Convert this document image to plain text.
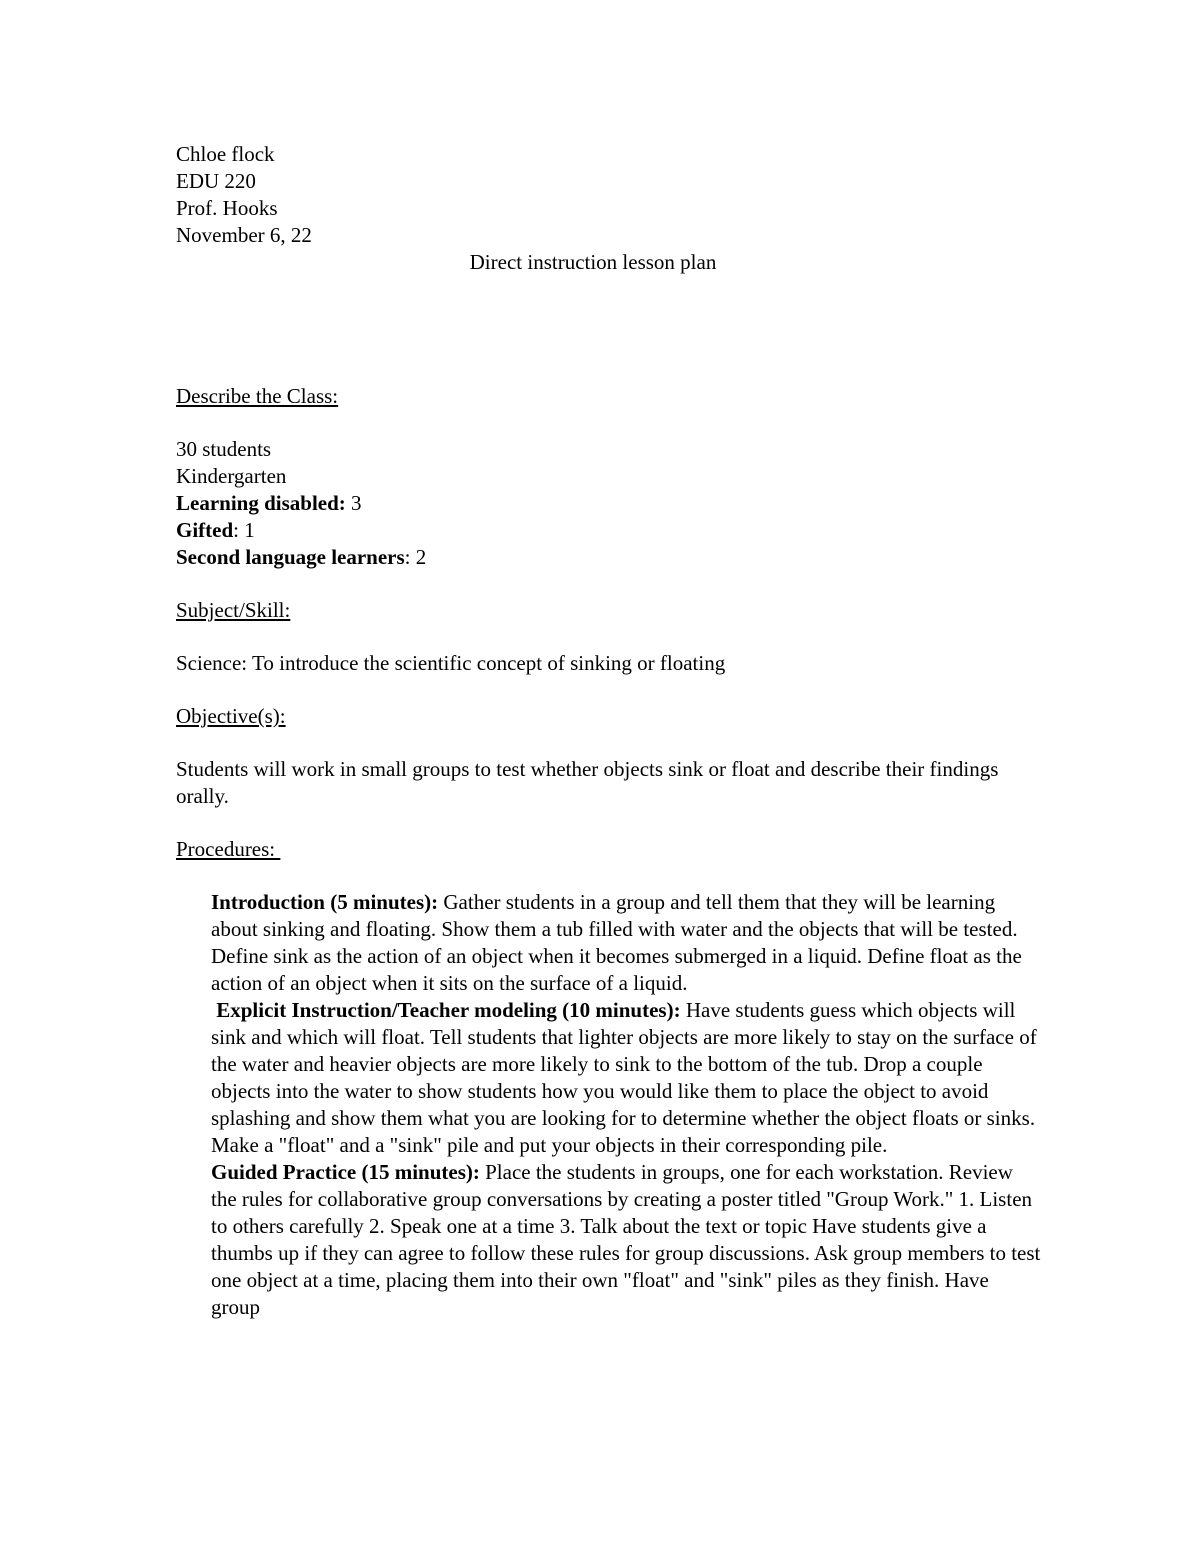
Chloe flock
EDU 220
Prof. Hooks
November 6, 22
Direct instruction lesson plan
Describe the Class:
30 students
Kindergarten
Learning disabled: 3
Gifted: 1
Second language learners: 2
Subject/Skill:
Science: To introduce the scientific concept of sinking or floating
Objective(s):
Students will work in small groups to test whether objects sink or float and describe their findings orally.
Procedures:

Introduction (5 minutes): Gather students in a group and tell them that they will be learning about sinking and floating. Show them a tub filled with water and the objects that will be tested. Define sink as the action of an object when it becomes submerged in a liquid. Define float as the action of an object when it sits on the surface of a liquid.

Explicit Instruction/Teacher modeling (10 minutes): Have students guess which objects will sink and which will float. Tell students that lighter objects are more likely to stay on the surface of the water and heavier objects are more likely to sink to the bottom of the tub. Drop a couple objects into the water to show students how you would like them to place the object to avoid splashing and show them what you are looking for to determine whether the object floats or sinks. Make a "float" and a "sink" pile and put your objects in their corresponding pile.

Guided Practice (15 minutes): Place the students in groups, one for each workstation. Review the rules for collaborative group conversations by creating a poster titled "Group Work." 1. Listen to others carefully 2. Speak one at a time 3. Talk about the text or topic Have students give a thumbs up if they can agree to follow these rules for group discussions. Ask group members to test one object at a time, placing them into their own "float" and "sink" piles as they finish. Have group
